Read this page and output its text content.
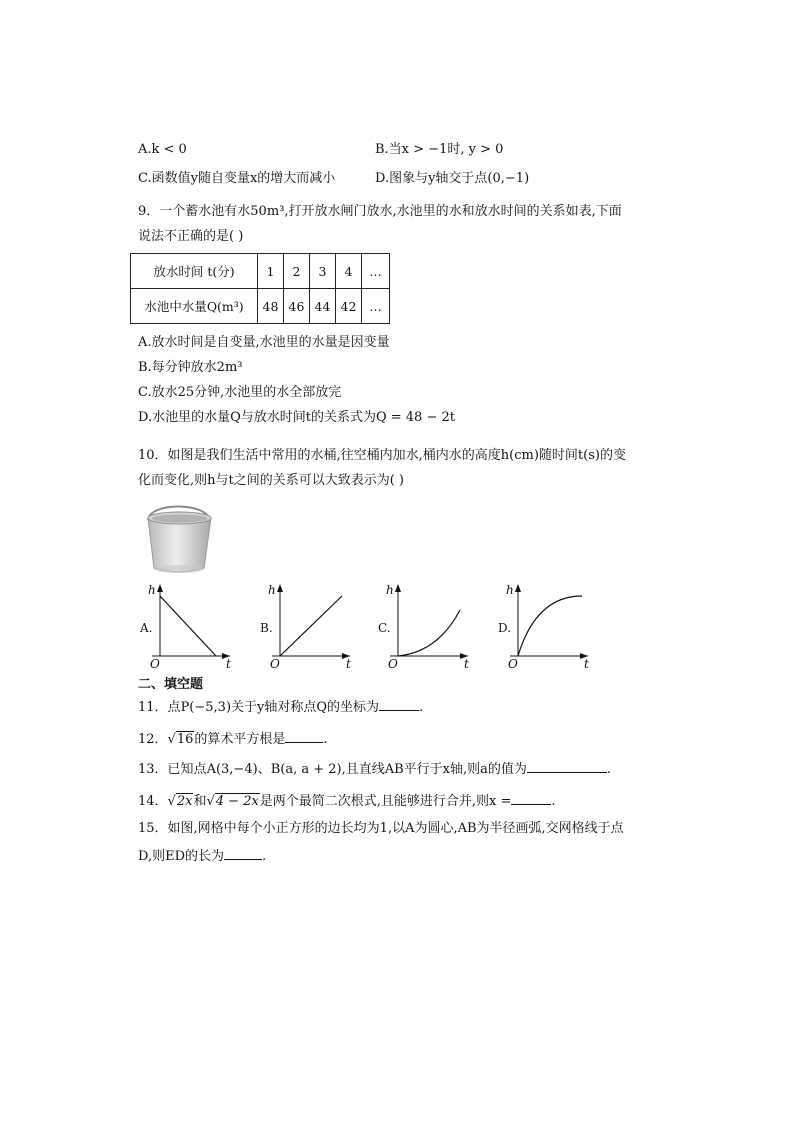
A.k < 0	B.当x > −1时, y > 0
C.函数值y随自变量x的增大而减小	D.图象与y轴交于点(0,−1)
9．一个蓄水池有水50m³,打开放水闸门放水,水池里的水和放水时间的关系如表,下面
说法不正确的是( )
放水时间 t(分)	1	2	3	4	…
水池中水量Q(m³)	48	46	44	42	…
A.放水时间是自变量,水池里的水量是因变量
B.每分钟放水2m³
C.放水25分钟,水池里的水全部放完
D.水池里的水量Q与放水时间t的关系式为Q = 48 − 2t
10．如图是我们生活中常用的水桶,往空桶内加水,桶内水的高度h(cm)随时间t(s)的变
化而变化,则h与t之间的关系可以大致表示为( )
A.
h
t
O
B.
h
t
O
C.
h
t
O
D.
h
t
O
二、填空题
11．点P(−5,3)关于y轴对称点Q的坐标为	.
12．√16的算术平方根是	.
13．已知点A(3,−4)、B(a, a + 2),且直线AB平行于x轴,则a的值为	.
14．√2x和√4 − 2x是两个最简二次根式,且能够进行合并,则x =	.
15．如图,网格中每个小正方形的边长均为1,以A为圆心,AB为半径画弧,交网格线于点
D,则ED的长为	.
